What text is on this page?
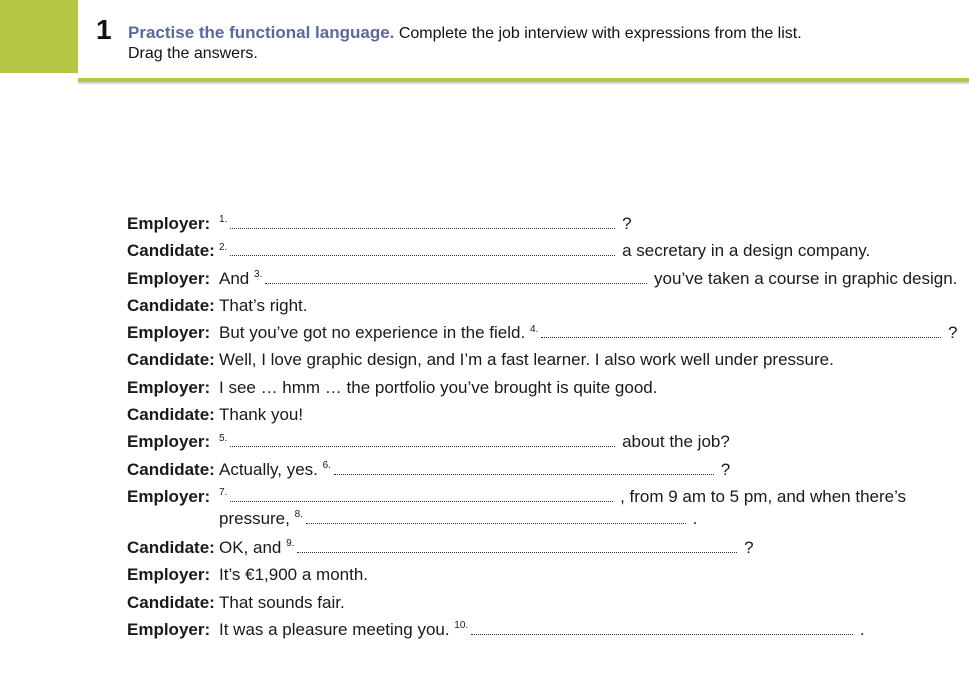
1 Practise the functional language. Complete the job interview with expressions from the list.
Drag the answers.
Employer: $^{1.}$	?
Candidate: $^{2.}$	a secretary in a design company.
Employer: And $^{3.}$	you’ve taken a course in graphic design.
Candidate: That’s right.
Employer: But you’ve got no experience in the field. $^{4.}$	?
Candidate: Well, I love graphic design, and I’m a fast learner. I also work well under pressure.
Employer: I see … hmm … the portfolio you’ve brought is quite good.
Candidate: Thank you!
Employer: $^{5.}$	about the job?
Candidate: Actually, yes. $^{6.}$	?
Employer: $^{7.}$	, from 9 am to 5 pm, and when there’s
pressure, $^{8.}$	.
Candidate: OK, and $^{9.}$	?
Employer: It’s €1,900 a month.
Candidate: That sounds fair.
Employer: It was a pleasure meeting you. $^{10.}$	.
